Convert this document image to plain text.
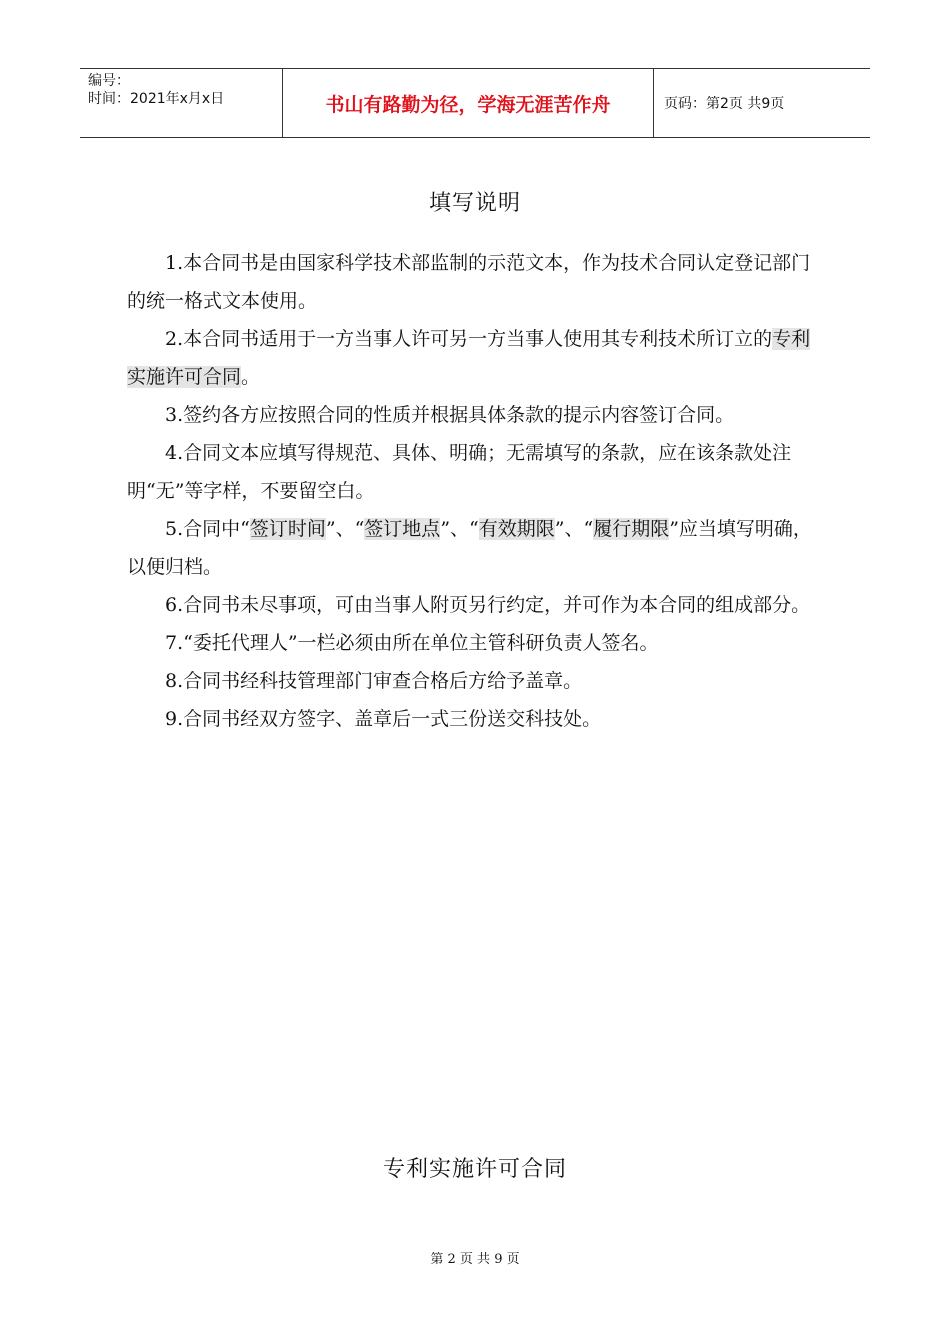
编号：
时间：2021年x月x日	书山有路勤为径，学海无涯苦作舟	页码：第2页 共9页
填写说明

1.本合同书是由国家科学技术部监制的示范文本，作为技术合同认定登记部门的统一格式文本使用。

2.本合同书适用于一方当事人许可另一方当事人使用其专利技术所订立的专利实施许可合同。

3.签约各方应按照合同的性质并根据具体条款的提示内容签订合同。

4.合同文本应填写得规范、具体、明确；无需填写的条款，应在该条款处注明“无”等字样，不要留空白。

5.合同中“签订时间”、“签订地点”、“有效期限”、“履行期限”应当填写明确，以便归档。

6.合同书未尽事项，可由当事人附页另行约定，并可作为本合同的组成部分。

7.“委托代理人”一栏必须由所在单位主管科研负责人签名。

8.合同书经科技管理部门审查合格后方给予盖章。

9.合同书经双方签字、盖章后一式三份送交科技处。

专利实施许可合同
第 2 页 共 9 页
